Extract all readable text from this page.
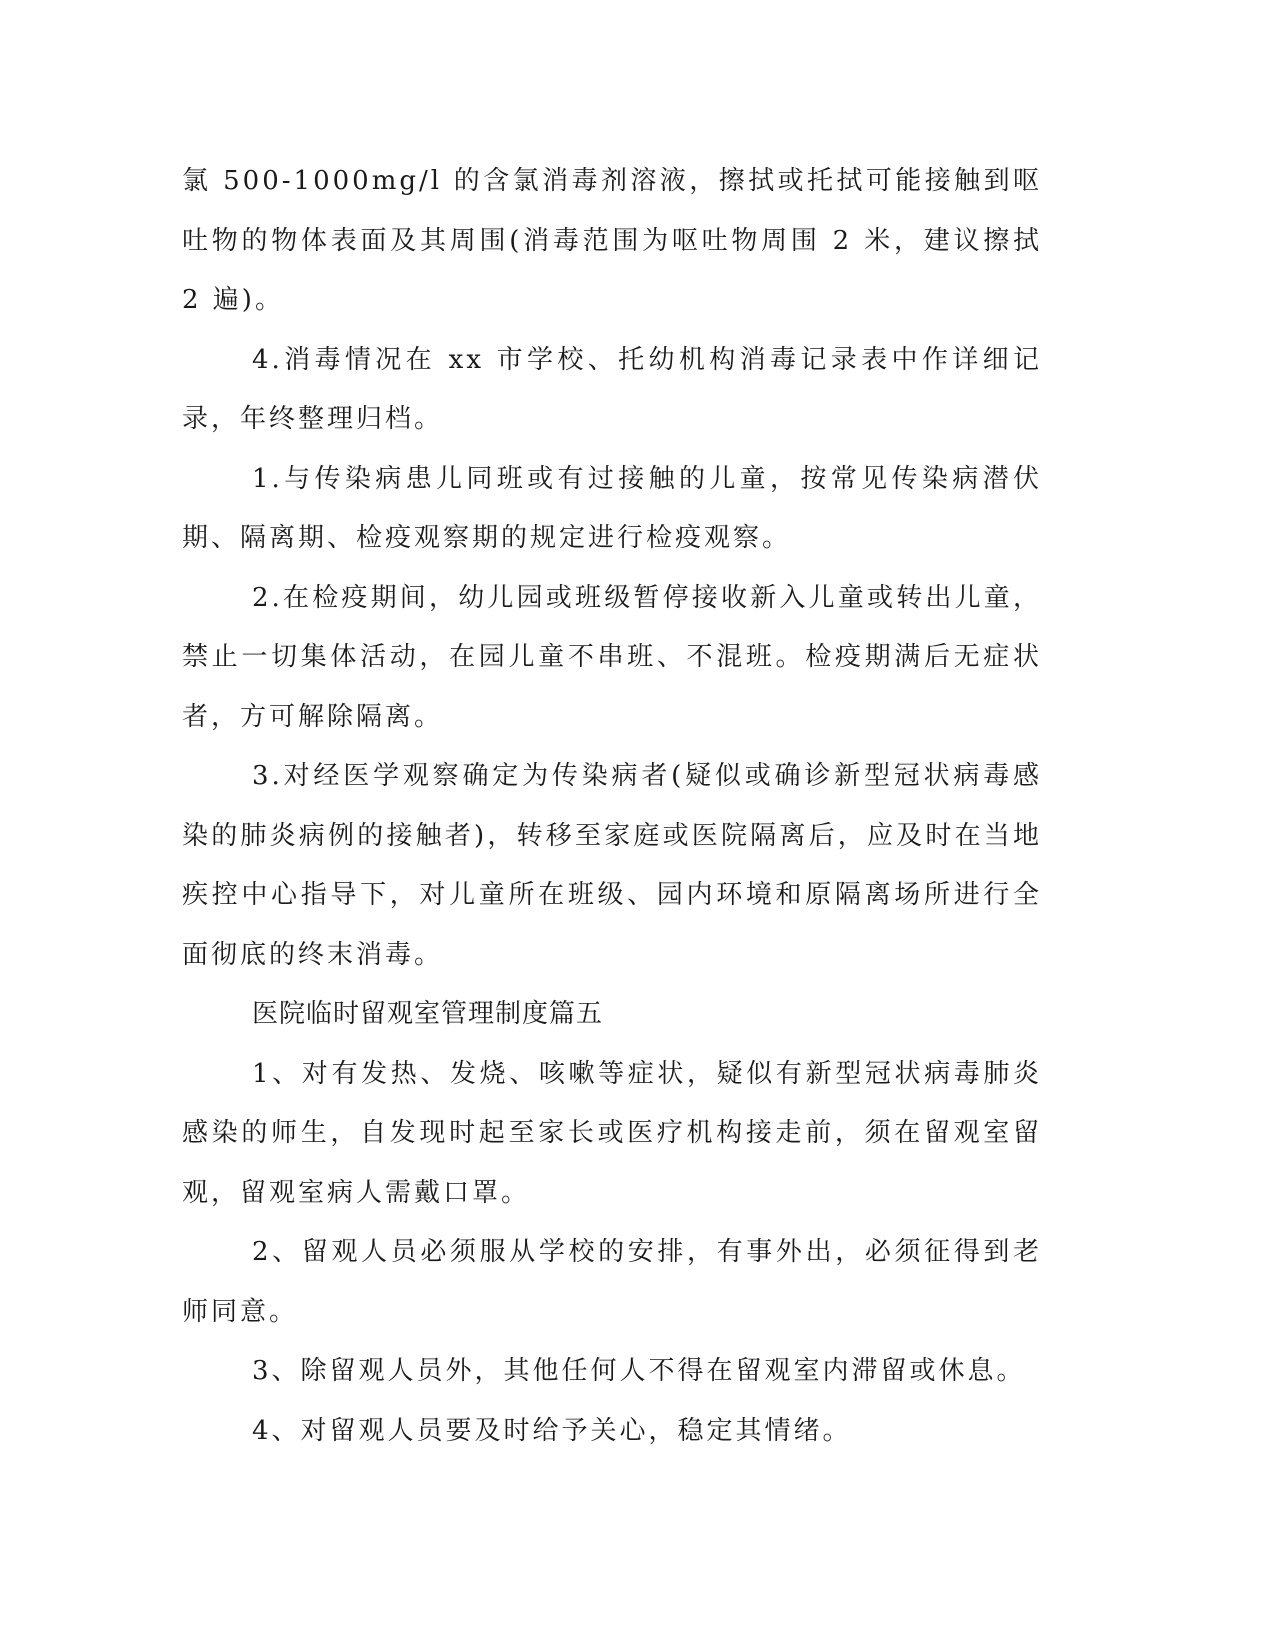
氯 500-1000mg/l 的含氯消毒剂溶液，擦拭或托拭可能接触到呕吐物的物体表面及其周围(消毒范围为呕吐物周围 2 米，建议擦拭 2 遍)。

4.消毒情况在 xx 市学校、托幼机构消毒记录表中作详细记录，年终整理归档。

1.与传染病患儿同班或有过接触的儿童，按常见传染病潜伏期、隔离期、检疫观察期的规定进行检疫观察。

2.在检疫期间，幼儿园或班级暂停接收新入儿童或转出儿童，禁止一切集体活动，在园儿童不串班、不混班。检疫期满后无症状者，方可解除隔离。

3.对经医学观察确定为传染病者(疑似或确诊新型冠状病毒感染的肺炎病例的接触者)，转移至家庭或医院隔离后，应及时在当地疾控中心指导下，对儿童所在班级、园内环境和原隔离场所进行全面彻底的终末消毒。

医院临时留观室管理制度篇五

1、对有发热、发烧、咳嗽等症状，疑似有新型冠状病毒肺炎感染的师生，自发现时起至家长或医疗机构接走前，须在留观室留观，留观室病人需戴口罩。

2、留观人员必须服从学校的安排，有事外出，必须征得到老师同意。

3、除留观人员外，其他任何人不得在留观室内滞留或休息。

4、对留观人员要及时给予关心，稳定其情绪。
